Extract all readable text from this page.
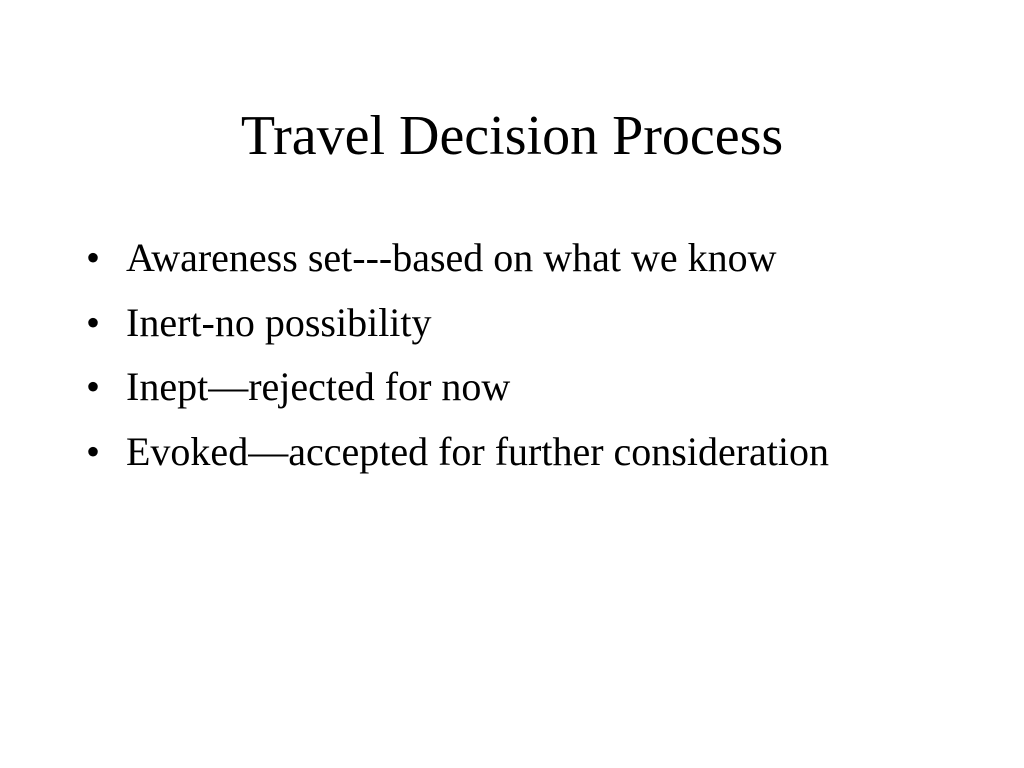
Travel Decision Process
• Awareness set---based on what we know
• Inert-no possibility
• Inept—rejected for now
• Evoked—accepted for further consideration
